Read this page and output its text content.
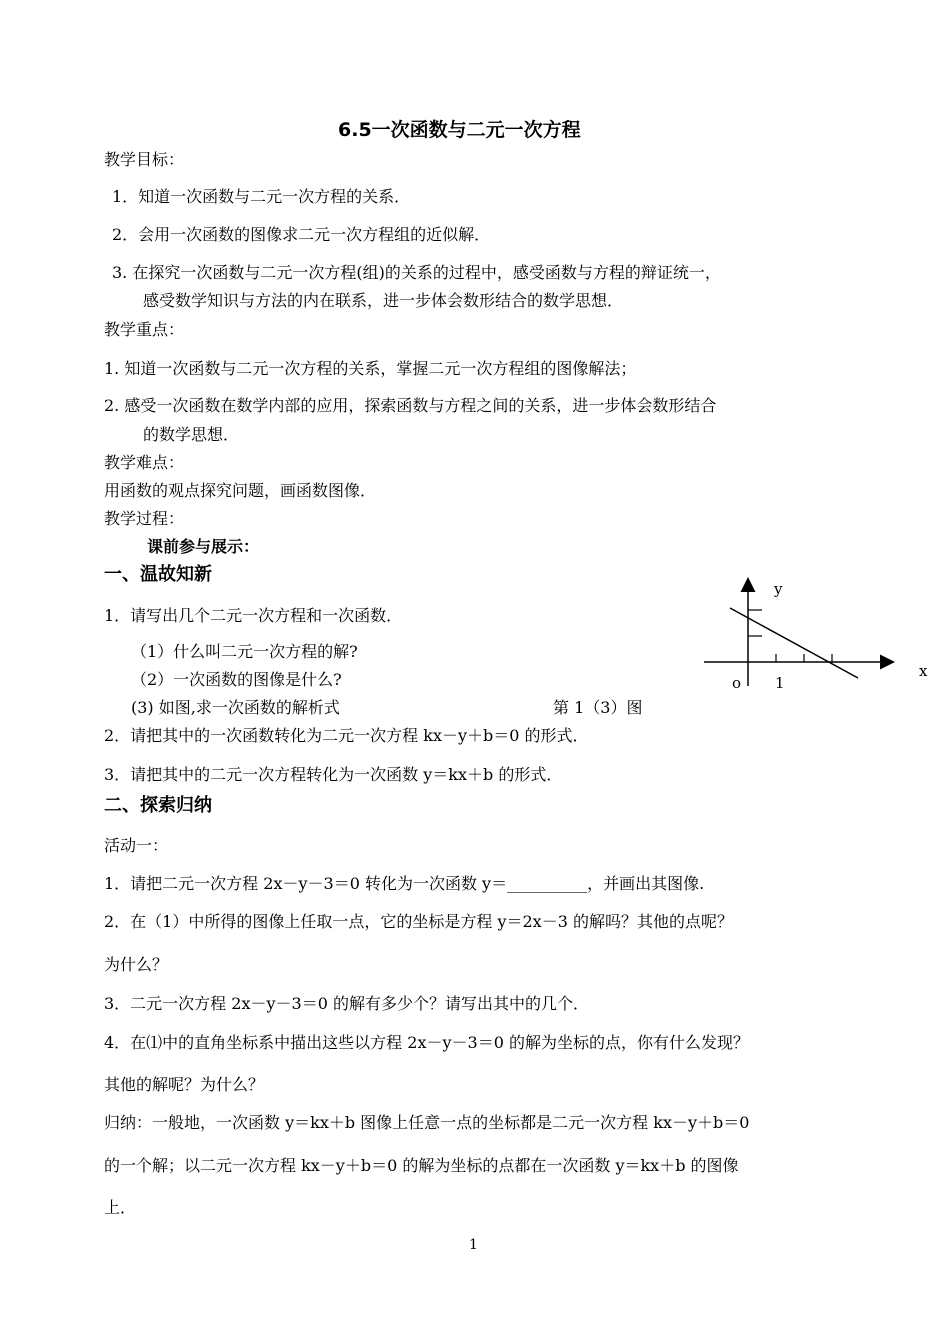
6.5一次函数与二元一次方程
教学目标：
1．知道一次函数与二元一次方程的关系．
2．会用一次函数的图像求二元一次方程组的近似解．
3. 在探究一次函数与二元一次方程(组)的关系的过程中，感受函数与方程的辩证统一，
感受数学知识与方法的内在联系，进一步体会数形结合的数学思想．
教学重点：
1. 知道一次函数与二元一次方程的关系，掌握二元一次方程组的图像解法；
2. 感受一次函数在数学内部的应用，探索函数与方程之间的关系，进一步体会数形结合
的数学思想．
教学难点：
用函数的观点探究问题，画函数图像．
教学过程：
课前参与展示：
一、温故知新
1．请写出几个二元一次方程和一次函数．
（1）什么叫二元一次方程的解?
（2）一次函数的图像是什么?
(3) 如图,求一次函数的解析式	第 1（3）图
2．请把其中的一次函数转化为二元一次方程 kx－y＋b＝0 的形式．
3．请把其中的二元一次方程转化为一次函数 y＝kx＋b 的形式．
y
x
o 1
二、探索归纳
活动一：
1．请把二元一次方程 2x－y－3＝0 转化为一次函数 y＝__________，并画出其图像.
2．在（1）中所得的图像上任取一点，它的坐标是方程 y＝2x－3 的解吗？其他的点呢？
为什么？
3．二元一次方程 2x－y－3＝0 的解有多少个？请写出其中的几个．
4．在⑴中的直角坐标系中描出这些以方程 2x－y－3＝0 的解为坐标的点，你有什么发现？
其他的解呢？为什么？
归纳：一般地，一次函数 y＝kx＋b 图像上任意一点的坐标都是二元一次方程 kx－y＋b＝0
的一个解；以二元一次方程 kx－y＋b＝0 的解为坐标的点都在一次函数 y＝kx＋b 的图像
上．
1
